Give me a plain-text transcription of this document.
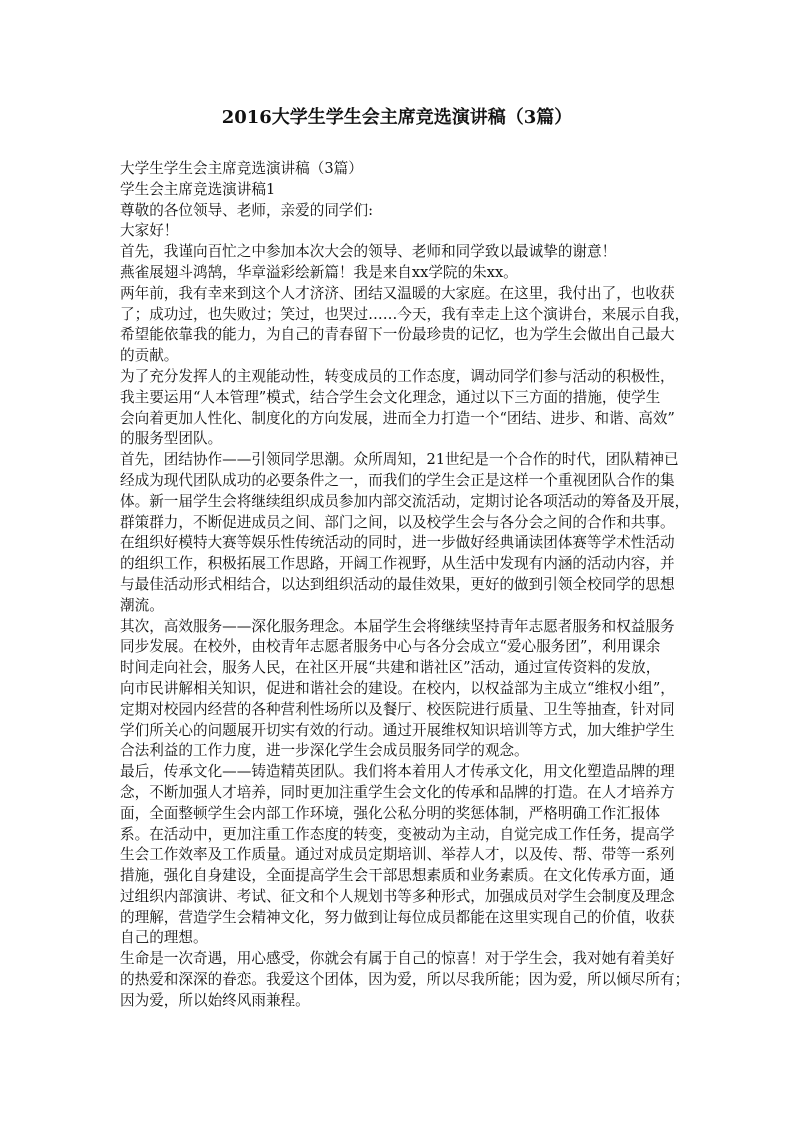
2016大学生学生会主席竞选演讲稿（3篇）
大学生学生会主席竞选演讲稿（3篇）
学生会主席竞选演讲稿1
尊敬的各位领导、老师，亲爱的同学们:
大家好！
首先，我谨向百忙之中参加本次大会的领导、老师和同学致以最诚挚的谢意！
燕雀展翅斗鸿鹄，华章溢彩绘新篇！我是来自xx学院的朱xx。
两年前，我有幸来到这个人才济济、团结又温暖的大家庭。在这里，我付出了，也收获
了；成功过，也失败过；笑过，也哭过……今天，我有幸走上这个演讲台，来展示自我，
希望能依靠我的能力，为自己的青春留下一份最珍贵的记忆，也为学生会做出自己最大
的贡献。
为了充分发挥人的主观能动性，转变成员的工作态度，调动同学们参与活动的积极性，
我主要运用“人本管理”模式，结合学生会文化理念，通过以下三方面的措施，使学生
会向着更加人性化、制度化的方向发展，进而全力打造一个“团结、进步、和谐、高效”
的服务型团队。
首先，团结协作——引领同学思潮。众所周知，21世纪是一个合作的时代，团队精神已
经成为现代团队成功的必要条件之一，而我们的学生会正是这样一个重视团队合作的集
体。新一届学生会将继续组织成员参加内部交流活动，定期讨论各项活动的筹备及开展，
群策群力，不断促进成员之间、部门之间，以及校学生会与各分会之间的合作和共事。
在组织好模特大赛等娱乐性传统活动的同时，进一步做好经典诵读团体赛等学术性活动
的组织工作，积极拓展工作思路，开阔工作视野，从生活中发现有内涵的活动内容，并
与最佳活动形式相结合，以达到组织活动的最佳效果，更好的做到引领全校同学的思想
潮流。
其次，高效服务——深化服务理念。本届学生会将继续坚持青年志愿者服务和权益服务
同步发展。在校外，由校青年志愿者服务中心与各分会成立“爱心服务团”，利用课余
时间走向社会，服务人民，在社区开展“共建和谐社区”活动，通过宣传资料的发放，
向市民讲解相关知识，促进和谐社会的建设。在校内，以权益部为主成立“维权小组”，
定期对校园内经营的各种营利性场所以及餐厅、校医院进行质量、卫生等抽查，针对同
学们所关心的问题展开切实有效的行动。通过开展维权知识培训等方式，加大维护学生
合法利益的工作力度，进一步深化学生会成员服务同学的观念。
最后，传承文化——铸造精英团队。我们将本着用人才传承文化，用文化塑造品牌的理
念，不断加强人才培养，同时更加注重学生会文化的传承和品牌的打造。在人才培养方
面，全面整顿学生会内部工作环境，强化公私分明的奖惩体制，严格明确工作汇报体
系。在活动中，更加注重工作态度的转变，变被动为主动，自觉完成工作任务，提高学
生会工作效率及工作质量。通过对成员定期培训、举荐人才，以及传、帮、带等一系列
措施，强化自身建设，全面提高学生会干部思想素质和业务素质。在文化传承方面，通
过组织内部演讲、考试、征文和个人规划书等多种形式，加强成员对学生会制度及理念
的理解，营造学生会精神文化，努力做到让每位成员都能在这里实现自己的价值，收获
自己的理想。
生命是一次奇遇，用心感受，你就会有属于自己的惊喜！对于学生会，我对她有着美好
的热爱和深深的眷恋。我爱这个团体，因为爱，所以尽我所能；因为爱，所以倾尽所有；
因为爱，所以始终风雨兼程。
